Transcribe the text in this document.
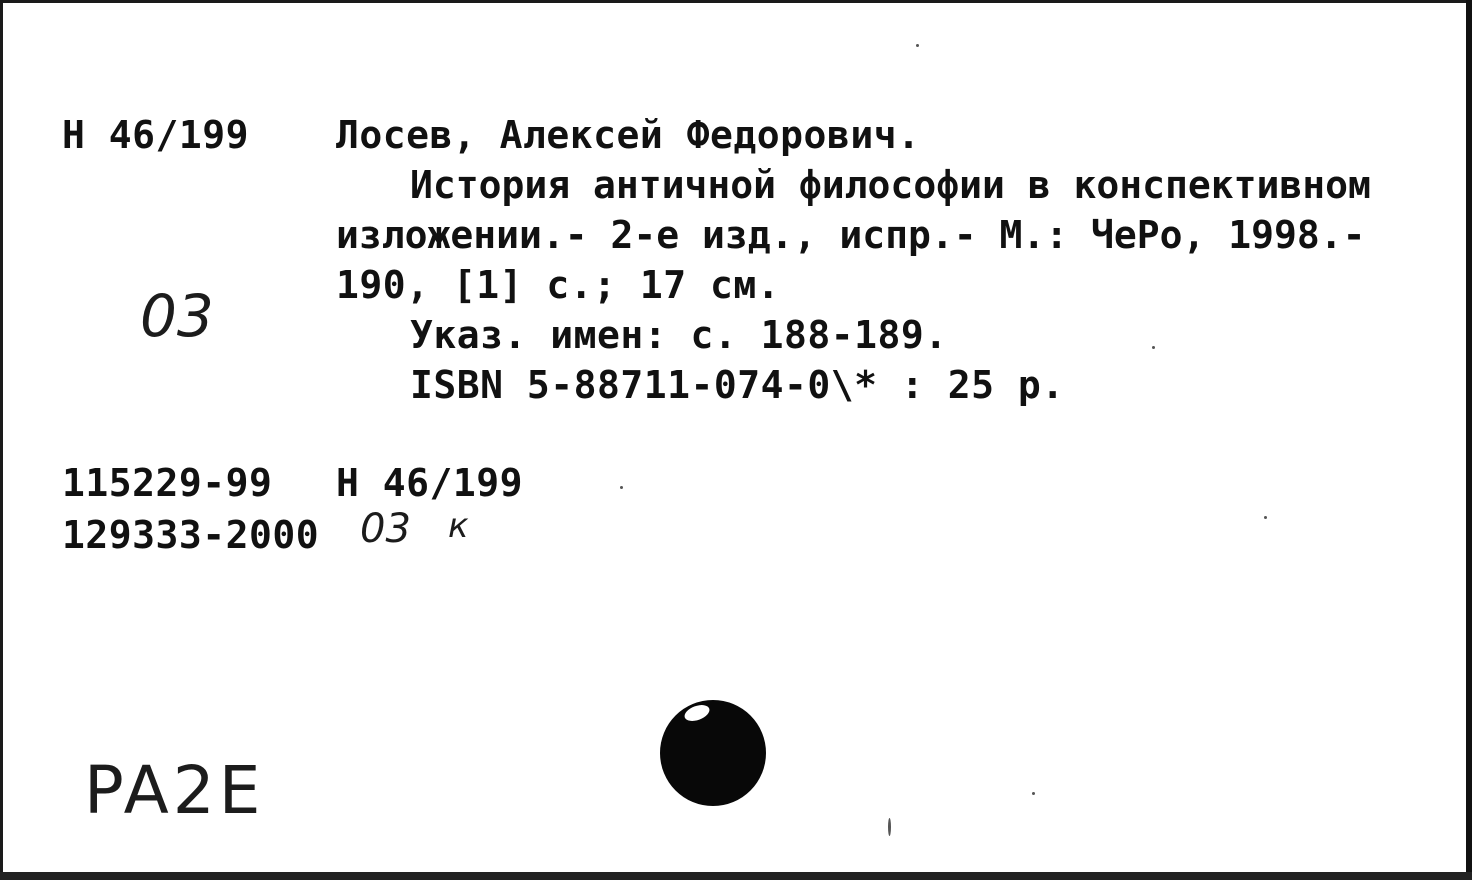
Н 46/199 Лосев, Алексей Федорович.
История античной философии в конспективном
изложении.- 2-е изд., испр.- М.: ЧеРо, 1998.-
190, [1] с.; 17 см.
Указ. имен: с. 188-189.
ISBN 5-88711-074-0\* : 25 р.
03
115229-99 Н 46/199
129333-2000 03 к
PA2E
